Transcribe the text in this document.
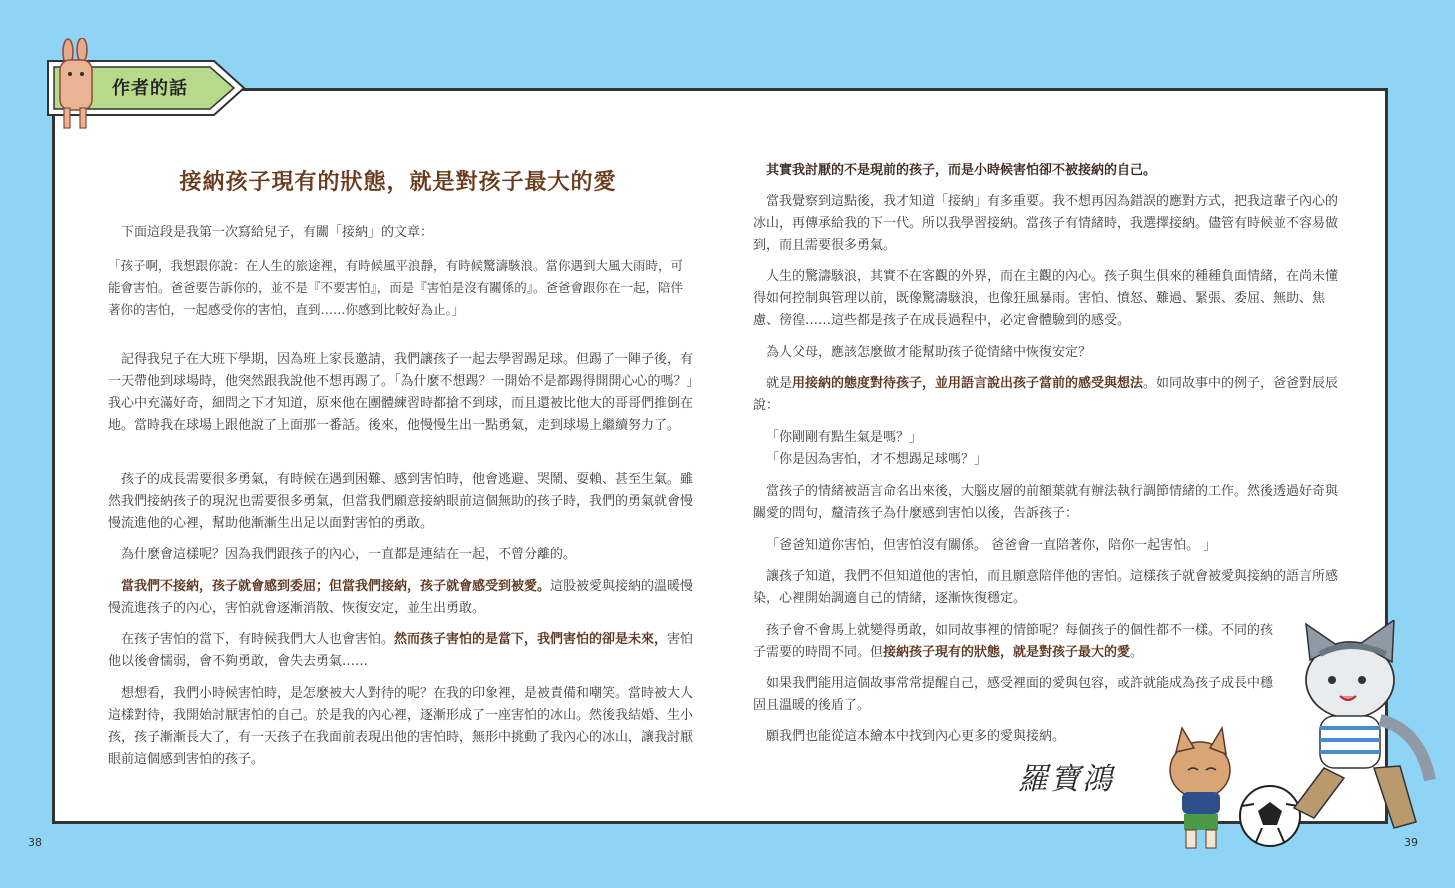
作者的話
接納孩子現有的狀態，就是對孩子最大的愛

下面這段是我第一次寫給兒子，有關「接納」的文章：

「孩子啊，我想跟你說：在人生的旅途裡，有時候風平浪靜，有時候驚濤駭浪。當你遇到大風大雨時，可能會害怕。爸爸要告訴你的，並不是『不要害怕』，而是『害怕是沒有關係的』。爸爸會跟你在一起，陪伴著你的害怕，一起感受你的害怕，直到……你感到比較好為止。」

記得我兒子在大班下學期，因為班上家長邀請，我們讓孩子一起去學習踢足球。但踢了一陣子後，有一天帶他到球場時，他突然跟我說他不想再踢了。「為什麼不想踢？一開始不是都踢得開開心心的嗎？」我心中充滿好奇，細問之下才知道，原來他在團體練習時都搶不到球，而且還被比他大的哥哥們推倒在地。當時我在球場上跟他說了上面那一番話。後來，他慢慢生出一點勇氣，走到球場上繼續努力了。

孩子的成長需要很多勇氣，有時候在遇到困難、感到害怕時，他會逃避、哭鬧、耍賴、甚至生氣。雖然我們接納孩子的現況也需要很多勇氣，但當我們願意接納眼前這個無助的孩子時，我們的勇氣就會慢慢流進他的心裡，幫助他漸漸生出足以面對害怕的勇敢。

為什麼會這樣呢？因為我們跟孩子的內心，一直都是連結在一起，不曾分離的。

當我們不接納，孩子就會感到委屈；但當我們接納，孩子就會感受到被愛。這股被愛與接納的溫暖慢慢流進孩子的內心，害怕就會逐漸消散、恢復安定，並生出勇敢。

在孩子害怕的當下，有時候我們大人也會害怕。然而孩子害怕的是當下，我們害怕的卻是未來，害怕他以後會懦弱，會不夠勇敢，會失去勇氣……

想想看，我們小時候害怕時，是怎麼被大人對待的呢？在我的印象裡，是被責備和嘲笑。當時被大人這樣對待，我開始討厭害怕的自己。於是我的內心裡，逐漸形成了一座害怕的冰山。然後我結婚、生小孩，孩子漸漸長大了，有一天孩子在我面前表現出他的害怕時，無形中挑動了我內心的冰山，讓我討厭眼前這個感到害怕的孩子。

其實我討厭的不是現前的孩子，而是小時候害怕卻不被接納的自己。

當我覺察到這點後，我才知道「接納」有多重要。我不想再因為錯誤的應對方式，把我這輩子內心的冰山，再傳承給我的下一代。所以我學習接納。當孩子有情緒時，我選擇接納。儘管有時候並不容易做到，而且需要很多勇氣。

人生的驚濤駭浪，其實不在客觀的外界，而在主觀的內心。孩子與生俱來的種種負面情緒，在尚未懂得如何控制與管理以前，既像驚濤駭浪，也像狂風暴雨。害怕、憤怒、難過、緊張、委屈、無助、焦慮、徬徨……這些都是孩子在成長過程中，必定會體驗到的感受。

為人父母，應該怎麼做才能幫助孩子從情緒中恢復安定？

就是用接納的態度對待孩子，並用語言說出孩子當前的感受與想法。如同故事中的例子，爸爸對辰辰說：

「你剛剛有點生氣是嗎？」

「你是因為害怕，才不想踢足球嗎？」

當孩子的情緒被語言命名出來後，大腦皮層的前額葉就有辦法執行調節情緒的工作。然後透過好奇與關愛的問句，釐清孩子為什麼感到害怕以後，告訴孩子：

「爸爸知道你害怕，但害怕沒有關係。 爸爸會一直陪著你，陪你一起害怕。 」

讓孩子知道，我們不但知道他的害怕，而且願意陪伴他的害怕。這樣孩子就會被愛與接納的語言所感染，心裡開始調適自己的情緒，逐漸恢復穩定。

孩子會不會馬上就變得勇敢，如同故事裡的情節呢？每個孩子的個性都不一樣。不同的孩子需要的時間不同。但接納孩子現有的狀態，就是對孩子最大的愛。

如果我們能用這個故事常常提醒自己，感受裡面的愛與包容，或許就能成為孩子成長中穩固且溫暖的後盾了。

願我們也能從這本繪本中找到內心更多的愛與接納。

羅寶鴻
38	39
